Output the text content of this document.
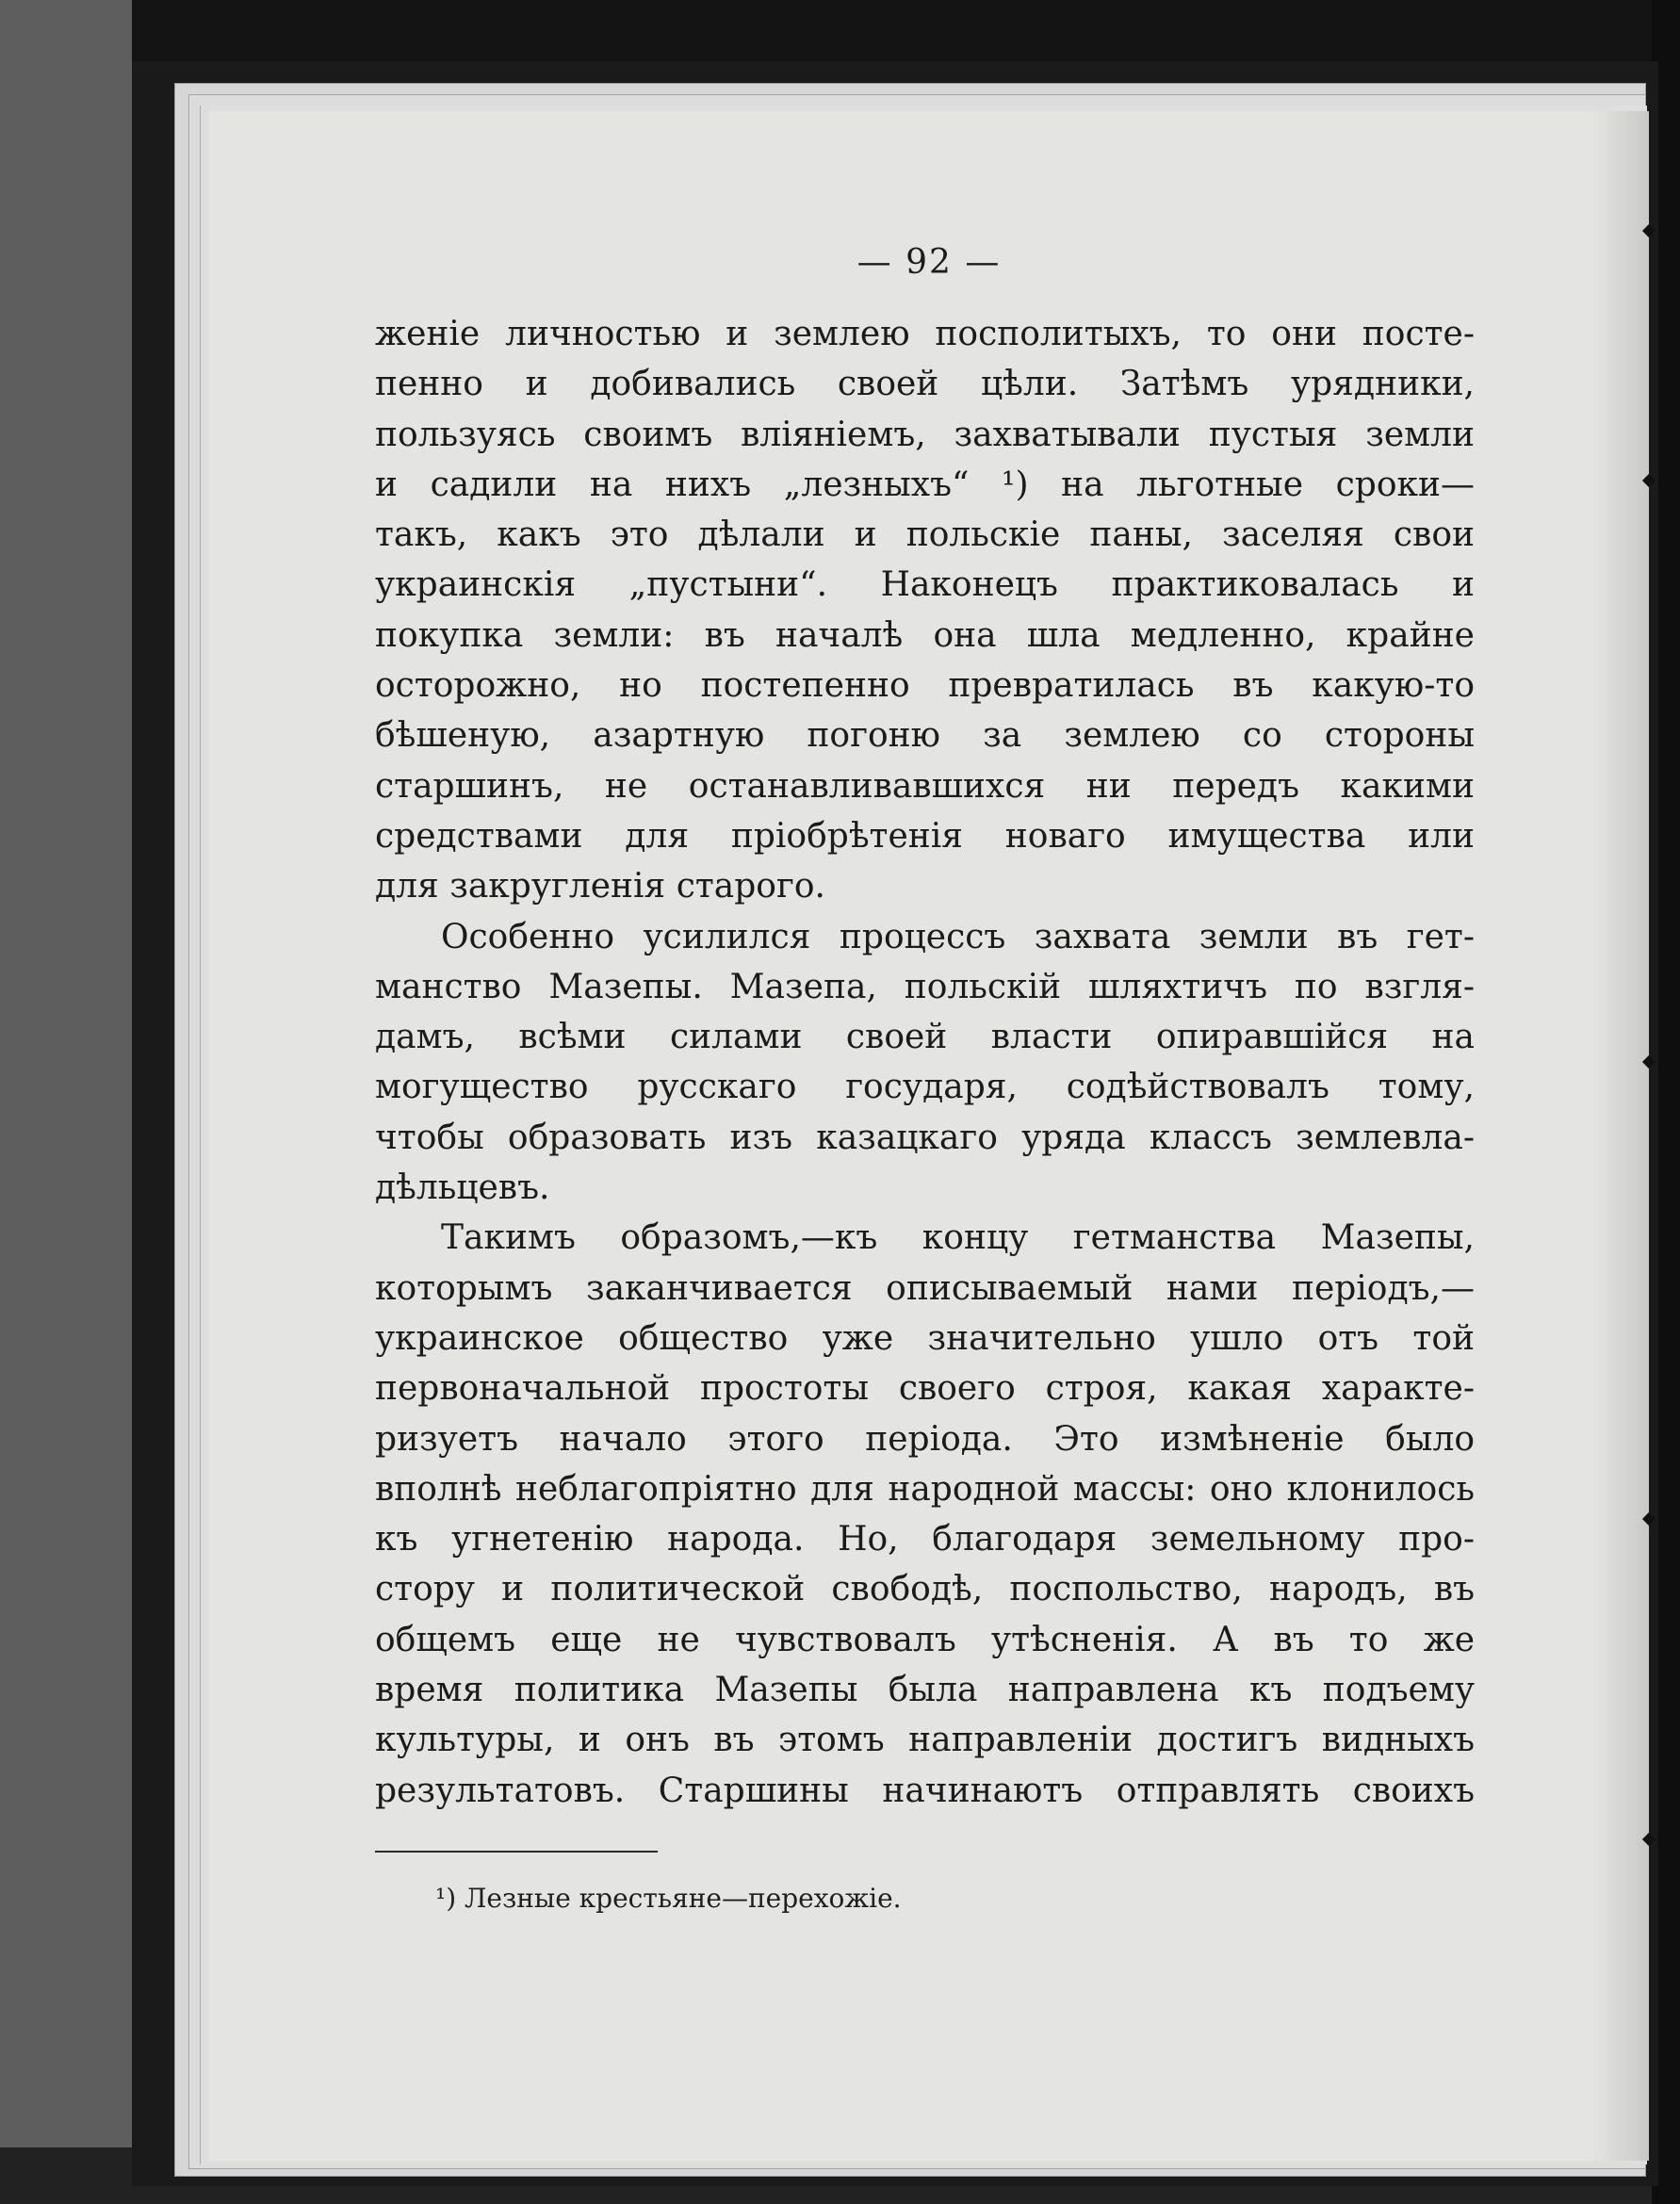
— 92 —
женіе личностью и землею посполитыхъ, то они посте-
пенно и добивались своей цѣли. Затѣмъ урядники,
пользуясь своимъ вліяніемъ, захватывали пустыя земли
и садили на нихъ „лезныхъ“ ¹) на льготные сроки—
такъ, какъ это дѣлали и польскіе паны, заселяя свои
украинскія „пустыни“. Наконецъ практиковалась и
покупка земли: въ началѣ она шла медленно, крайне
осторожно, но постепенно превратилась въ какую-то
бѣшеную, азартную погоню за землею со стороны
старшинъ, не останавливавшихся ни передъ какими
средствами для пріобрѣтенія новаго имущества или
для закругленія старого.
Особенно усилился процессъ захвата земли въ гет-
манство Мазепы. Мазепа, польскій шляхтичъ по взгля-
дамъ, всѣми силами своей власти опиравшійся на
могущество русскаго государя, содѣйствовалъ тому,
чтобы образовать изъ казацкаго уряда классъ землевла-
дѣльцевъ.
Такимъ образомъ,—къ концу гетманства Мазепы,
которымъ заканчивается описываемый нами періодъ,—
украинское общество уже значительно ушло отъ той
первоначальной простоты своего строя, какая характе-
ризуетъ начало этого періода. Это измѣненіе было
вполнѣ неблагопріятно для народной массы: оно клонилось
къ угнетенію народа. Но, благодаря земельному про-
стору и политической свободѣ, поспольство, народъ, въ
общемъ еще не чувствовалъ утѣсненія. А въ то же
время политика Мазепы была направлена къ подъему
культуры, и онъ въ этомъ направленіи достигъ видныхъ
результатовъ. Старшины начинаютъ отправлять своихъ
¹) Лезные крестьяне—перехожіе.
